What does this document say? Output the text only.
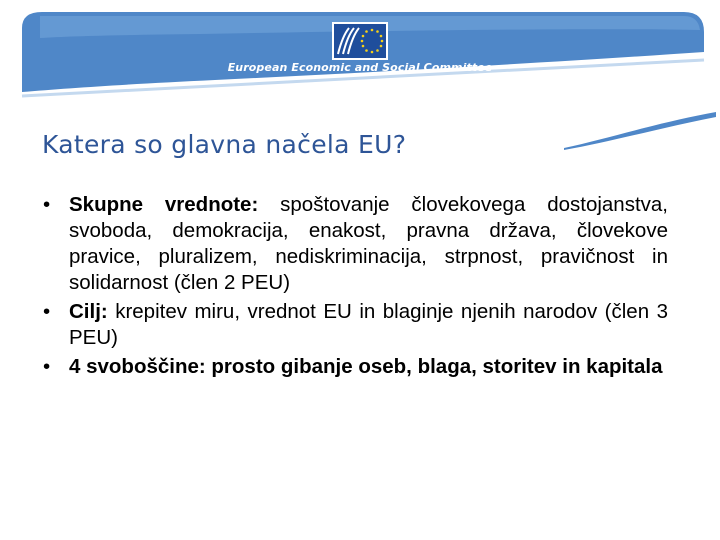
European Economic and Social Committee
Katera so glavna načela EU?
• Skupne vrednote: spoštovanje človekovega dostojanstva, svoboda, demokracija, enakost, pravna država, človekove pravice, pluralizem, nediskriminacija, strpnost, pravičnost in solidarnost (člen 2 PEU)
• Cilj: krepitev miru, vrednot EU in blaginje njenih narodov (člen 3 PEU)
• 4 svoboščine: prosto gibanje oseb, blaga, storitev in kapitala
